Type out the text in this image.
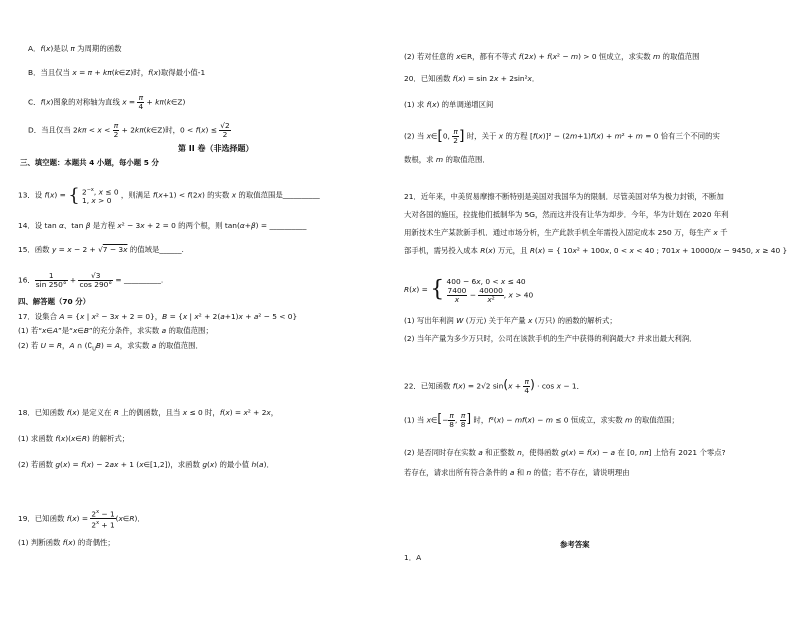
A．f(x)是以 π 为周期的函数
B．当且仅当 x = π + kπ(k∈Z)时，f(x)取得最小值-1
C．f(x)图象的对称轴为直线 $x = \frac{\pi}{4}$ + kπ(k∈Z)
D．当且仅当 $2k\pi < x < \frac{\pi}{2}$ + 2kπ(k∈Z)时，$0 < f(x) \le \frac{√2}{2}$
第 II 卷（非选择题）
三、填空题：本题共 4 小题，每小题 5 分
13．设 f(x) = { $2^{-x}$, x ≤ 0
1, x > 0 ，则满足 f(x+1) < f(2x) 的实数 x 的取值范围是__________
14．设 tan α、tan β 是方程 x² − 3x + 2 = 0 的两个根，则 tan(α+β) = __________
15．函数 y = x − 2 + √7 − 3x 的值域是______.
16． $\frac{1}{\sin 250^\circ} + \frac{√3}{\cos 290^\circ}$ = __________.
四、解答题（70 分）
17．设集合 A = {x | x² − 3x + 2 = 0}，B = {x | x² + 2(a+1)x + a² − 5 < 0}
(1) 若“x∈A”是“x∈B”的充分条件，求实数 a 的取值范围；
(2) 若 U = R，A ∩ $(∁_UB) = A$，求实数 a 的取值范围．
18．已知函数 f(x) 是定义在 R 上的偶函数，且当 x ≤ 0 时，f(x) = x² + 2x，
(1) 求函数 f(x)(x∈R) 的解析式；
(2) 若函数 g(x) = f(x) − 2ax + 1 (x∈[1,2])，求函数 g(x) 的最小值 h(a)．
19．已知函数 $f(x) = \frac{2^x - 1}{2^x + 1}$ (x∈R)．
(1) 判断函数 f(x) 的奇偶性；
(2) 若对任意的 x∈R，都有不等式 f(2x) + f(x² − m) > 0 恒成立，求实数 m 的取值范围
20．已知函数 f(x) = sin 2x + 2sin²x．
(1) 求 f(x) 的单调递增区间
(2) 当 x∈[0, $\frac{\pi}{2}$ ] 时，关于 x 的方程 [f(x)]² − (2m+1)f(x) + m² + m = 0 恰有三个不同的实
数根，求 m 的取值范围．
21．近年来，中美贸易摩擦不断特别是美国对我国华为的限制．尽管美国对华为极力封锁，不断加
大对各国的施压，拉拢他们抵制华为 5G，然而这并没有让华为却步．今年，华为计划在 2020 年利
用新技术生产某款新手机．通过市场分析，生产此款手机全年需投入固定成本 250 万，每生产 x 千
部手机，需另投入成本 R(x) 万元，且 R(x) = { 10x² + 100x, 0 < x < 40 ; 701x + 10000/x − 9450, x ≥ 40 }
R(x) = { 400 − 6x, 0 < x ≤ 40

$\frac{7400}{x} - \frac{40000}{\text{x²}}$ , x > 40
(1) 写出年利润 W (万元) 关于年产量 x (万只) 的函数的解析式；
(2) 当年产量为多少万只时，公司在该款手机的生产中获得的利润最大? 并求出最大利润．
22．已知函数 f(x) = 2√2 $\sin(x + \frac{\pi}{4}$ ) · cos x − 1．
(1) 当 x∈[− $\frac{\pi}{8}$ , $\frac{\pi}{8}$ ] 时，f²(x) − mf(x) − m ≤ 0 恒成立，求实数 m 的取值范围；
(2) 是否同时存在实数 a 和正整数 n，使得函数 g(x) = f(x) − a 在 [0, nπ] 上恰有 2021 个零点?
若存在，请求出所有符合条件的 a 和 n 的值；若不存在，请说明理由
参考答案
1．A
